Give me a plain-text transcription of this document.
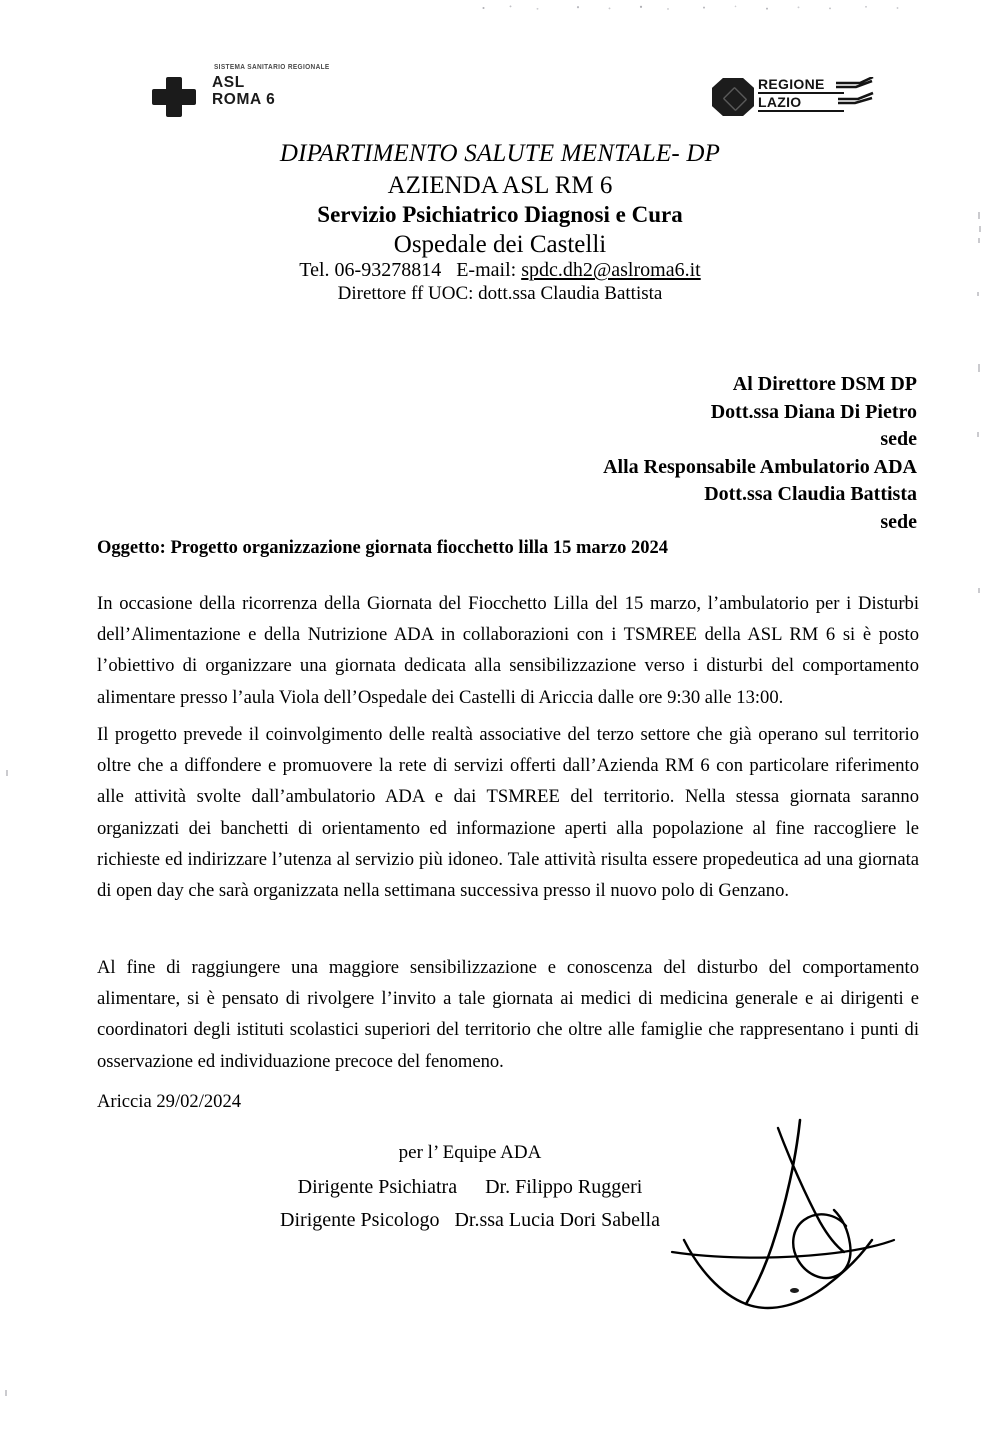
SISTEMA SANITARIO REGIONALE
ASL
ROMA 6
REGIONE
LAZIO
DIPARTIMENTO SALUTE MENTALE- DP
AZIENDA ASL RM 6
Servizio Psichiatrico Diagnosi e Cura
Ospedale dei Castelli
Tel. 06-93278814 E-mail: spdc.dh2@aslroma6.it
Direttore ff UOC: dott.ssa Claudia Battista
Al Direttore DSM DP
Dott.ssa Diana Di Pietro
sede
Alla Responsabile Ambulatorio ADA
Dott.ssa Claudia Battista
sede
Oggetto: Progetto organizzazione giornata fiocchetto lilla 15 marzo 2024

In occasione della ricorrenza della Giornata del Fiocchetto Lilla del 15 marzo, l’ambulatorio per i Disturbi dell’Alimentazione e della Nutrizione ADA in collaborazioni con i TSMREE della ASL RM 6 si è posto l’obiettivo di organizzare una giornata dedicata alla sensibilizzazione verso i disturbi del comportamento alimentare presso l’aula Viola dell’Ospedale dei Castelli di Ariccia dalle ore 9:30 alle 13:00.

Il progetto prevede il coinvolgimento delle realtà associative del terzo settore che già operano sul territorio oltre che a diffondere e promuovere la rete di servizi offerti dall’Azienda RM 6 con particolare riferimento alle attività svolte dall’ambulatorio ADA e dai TSMREE del territorio. Nella stessa giornata saranno organizzati dei banchetti di orientamento ed informazione aperti alla popolazione al fine raccogliere le richieste ed indirizzare l’utenza al servizio più idoneo. Tale attività risulta essere propedeutica ad una giornata di open day che sarà organizzata nella settimana successiva presso il nuovo polo di Genzano.

Al fine di raggiungere una maggiore sensibilizzazione e conoscenza del disturbo del comportamento alimentare, si è pensato di rivolgere l’invito a tale giornata ai medici di medicina generale e ai dirigenti e coordinatori degli istituti scolastici superiori del territorio che oltre alle famiglie che rappresentano i punti di osservazione ed individuazione precoce del fenomeno.

Ariccia 29/02/2024
per l’ Equipe ADA
Dirigente Psichiatra Dr. Filippo Ruggeri
Dirigente Psicologo Dr.ssa Lucia Dori Sabella
